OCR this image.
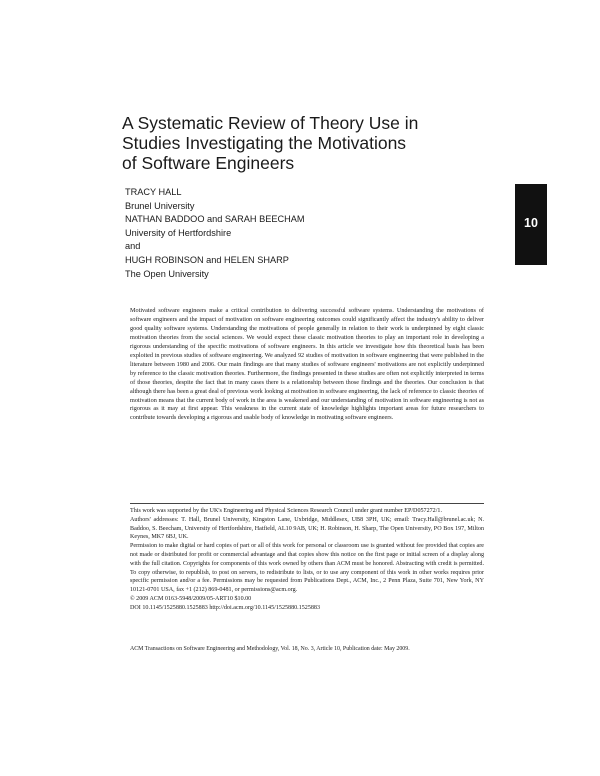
A Systematic Review of Theory Use in
Studies Investigating the Motivations
of Software Engineers
TRACY HALL
Brunel University
NATHAN BADDOO and SARAH BEECHAM
University of Hertfordshire
and
HUGH ROBINSON and HELEN SHARP
The Open University
10
Motivated software engineers make a critical contribution to delivering successful software systems. Understanding the motivations of software engineers and the impact of motivation on software engineering outcomes could significantly affect the industry's ability to deliver good quality software systems. Understanding the motivations of people generally in relation to their work is underpinned by eight classic motivation theories from the social sciences. We would expect these classic motivation theories to play an important role in developing a rigorous understanding of the specific motivations of software engineers. In this article we investigate how this theoretical basis has been exploited in previous studies of software engineering. We analyzed 92 studies of motivation in software engineering that were published in the literature between 1980 and 2006. Our main findings are that many studies of software engineers' motivations are not explicitly underpinned by reference to the classic motivation theories. Furthermore, the findings presented in these studies are often not explicitly interpreted in terms of those theories, despite the fact that in many cases there is a relationship between those findings and the theories. Our conclusion is that although there has been a great deal of previous work looking at motivation in software engineering, the lack of reference to classic theories of motivation means that the current body of work in the area is weakened and our understanding of motivation in software engineering is not as rigorous as it may at first appear. This weakness in the current state of knowledge highlights important areas for future researchers to contribute towards developing a rigorous and usable body of knowledge in motivating software engineers.

This work was supported by the UK's Engineering and Physical Sciences Research Council under grant number EP/D057272/1.

Authors' addresses: T. Hall, Brunel University, Kingston Lane, Uxbridge, Middlesex, UB8 3PH, UK; email: Tracy.Hall@brunel.ac.uk; N. Baddoo, S. Beecham, University of Hertfordshire, Hatfield, AL10 9AB, UK; H. Robinson, H. Sharp, The Open University, PO Box 197, Milton Keynes, MK7 6BJ, UK.

Permission to make digital or hard copies of part or all of this work for personal or classroom use is granted without fee provided that copies are not made or distributed for profit or commercial advantage and that copies show this notice on the first page or initial screen of a display along with the full citation. Copyrights for components of this work owned by others than ACM must be honored. Abstracting with credit is permitted. To copy otherwise, to republish, to post on servers, to redistribute to lists, or to use any component of this work in other works requires prior specific permission and/or a fee. Permissions may be requested from Publications Dept., ACM, Inc., 2 Penn Plaza, Suite 701, New York, NY 10121-0701 USA, fax +1 (212) 869-0481, or permissions@acm.org.

© 2009 ACM 0163-5948/2009/05-ART10 $10.00

DOI 10.1145/1525880.1525883 http://doi.acm.org/10.1145/1525880.1525883

ACM Transactions on Software Engineering and Methodology, Vol. 18, No. 3, Article 10, Publication date: May 2009.
